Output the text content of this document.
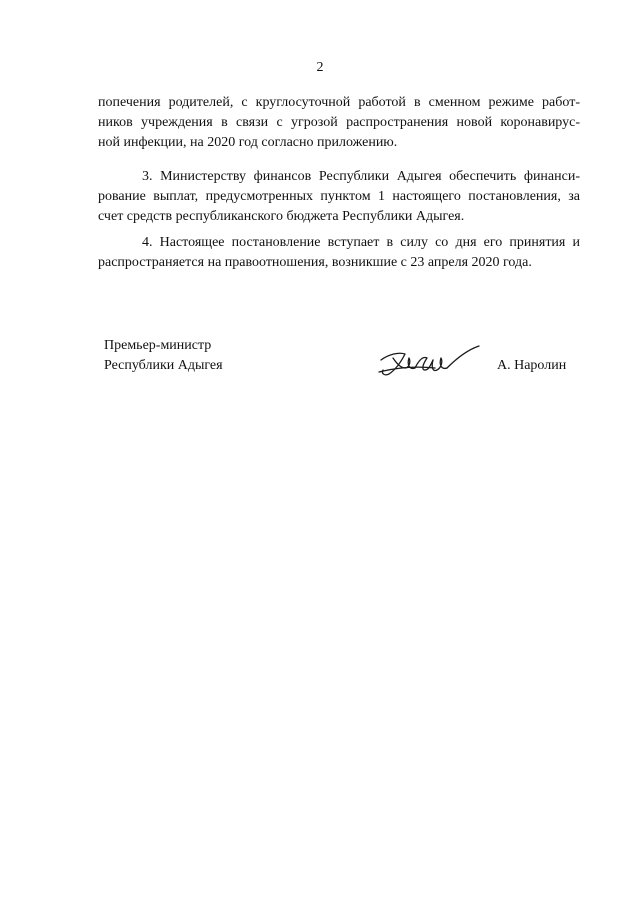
2
попечения родителей, с круглосуточной работой в сменном режиме работ-
ников учреждения в связи с угрозой распространения новой коронавирус-
ной инфекции, на 2020 год согласно приложению.
3. Министерству финансов Республики Адыгея обеспечить финанси-
рование выплат, предусмотренных пунктом 1 настоящего постановления, за
счет средств республиканского бюджета Республики Адыгея.
4. Настоящее постановление вступает в силу со дня его принятия и
распространяется на правоотношения, возникшие с 23 апреля 2020 года.
Премьер-министр
Республики Адыгея	А. Наролин
